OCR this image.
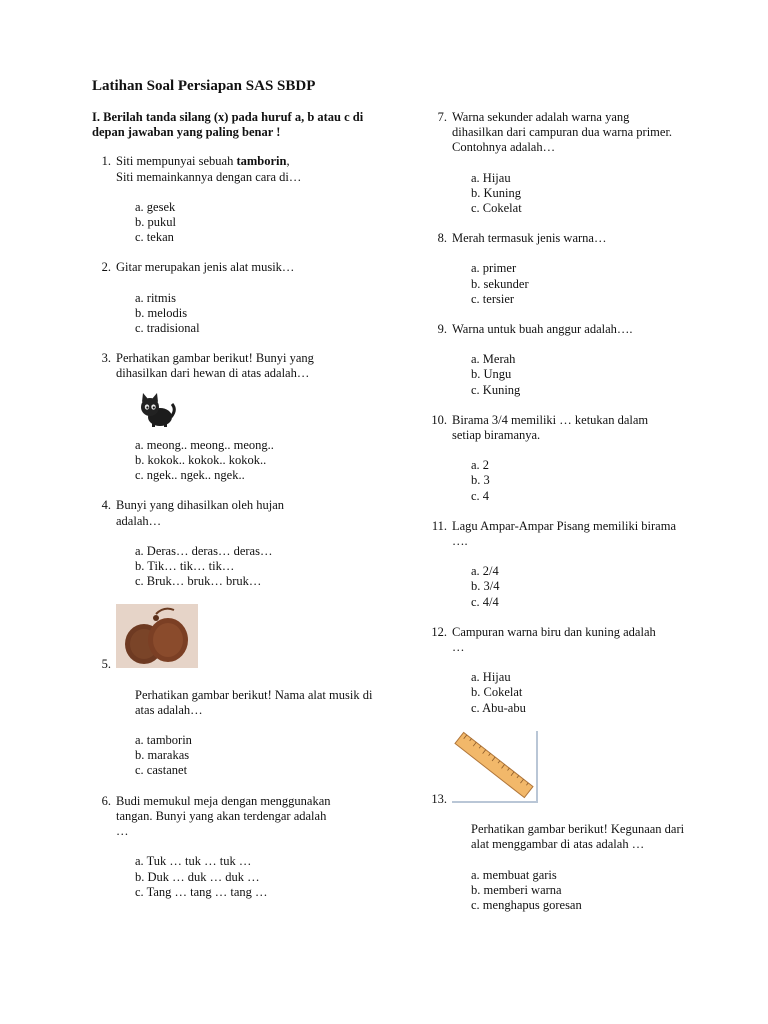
Latihan Soal Persiapan SAS SBDP
I. Berilah tanda silang (x) pada huruf a, b atau c di depan jawaban yang paling benar !
1. Siti mempunyai sebuah tamborin,
Siti memainkannya dengan cara di…
a. gesek
b. pukul
c. tekan
2. Gitar merupakan jenis alat musik…
a. ritmis
b. melodis
c. tradisional
3. Perhatikan gambar berikut! Bunyi yang dihasilkan dari hewan di atas adalah…
a. meong.. meong.. meong..
b. kokok.. kokok.. kokok..
c. ngek.. ngek.. ngek..
4. Bunyi yang dihasilkan oleh hujan adalah…
a. Deras… deras… deras…
b. Tik… tik… tik…
c. Bruk… bruk… bruk…
5.
Perhatikan gambar berikut! Nama alat musik di atas adalah…
a. tamborin
b. marakas
c. castanet
6. Budi memukul meja dengan menggunakan tangan. Bunyi yang akan terdengar adalah …
a. Tuk … tuk … tuk …
b. Duk … duk … duk …
c. Tang … tang … tang …
7. Warna sekunder adalah warna yang dihasilkan dari campuran dua warna primer. Contohnya adalah…
a. Hijau
b. Kuning
c. Cokelat
8. Merah termasuk jenis warna…
a. primer
b. sekunder
c. tersier
9. Warna untuk buah anggur adalah….
a. Merah
b. Ungu
c. Kuning
10. Birama 3/4 memiliki … ketukan dalam setiap biramanya.
a. 2
b. 3
c. 4
11. Lagu Ampar-Ampar Pisang memiliki birama ….
a. 2/4
b. 3/4
c. 4/4
12. Campuran warna biru dan kuning adalah …
a. Hijau
b. Cokelat
c. Abu-abu
13.
Perhatikan gambar berikut! Kegunaan dari alat menggambar di atas adalah …
a. membuat garis
b. memberi warna
c. menghapus goresan
